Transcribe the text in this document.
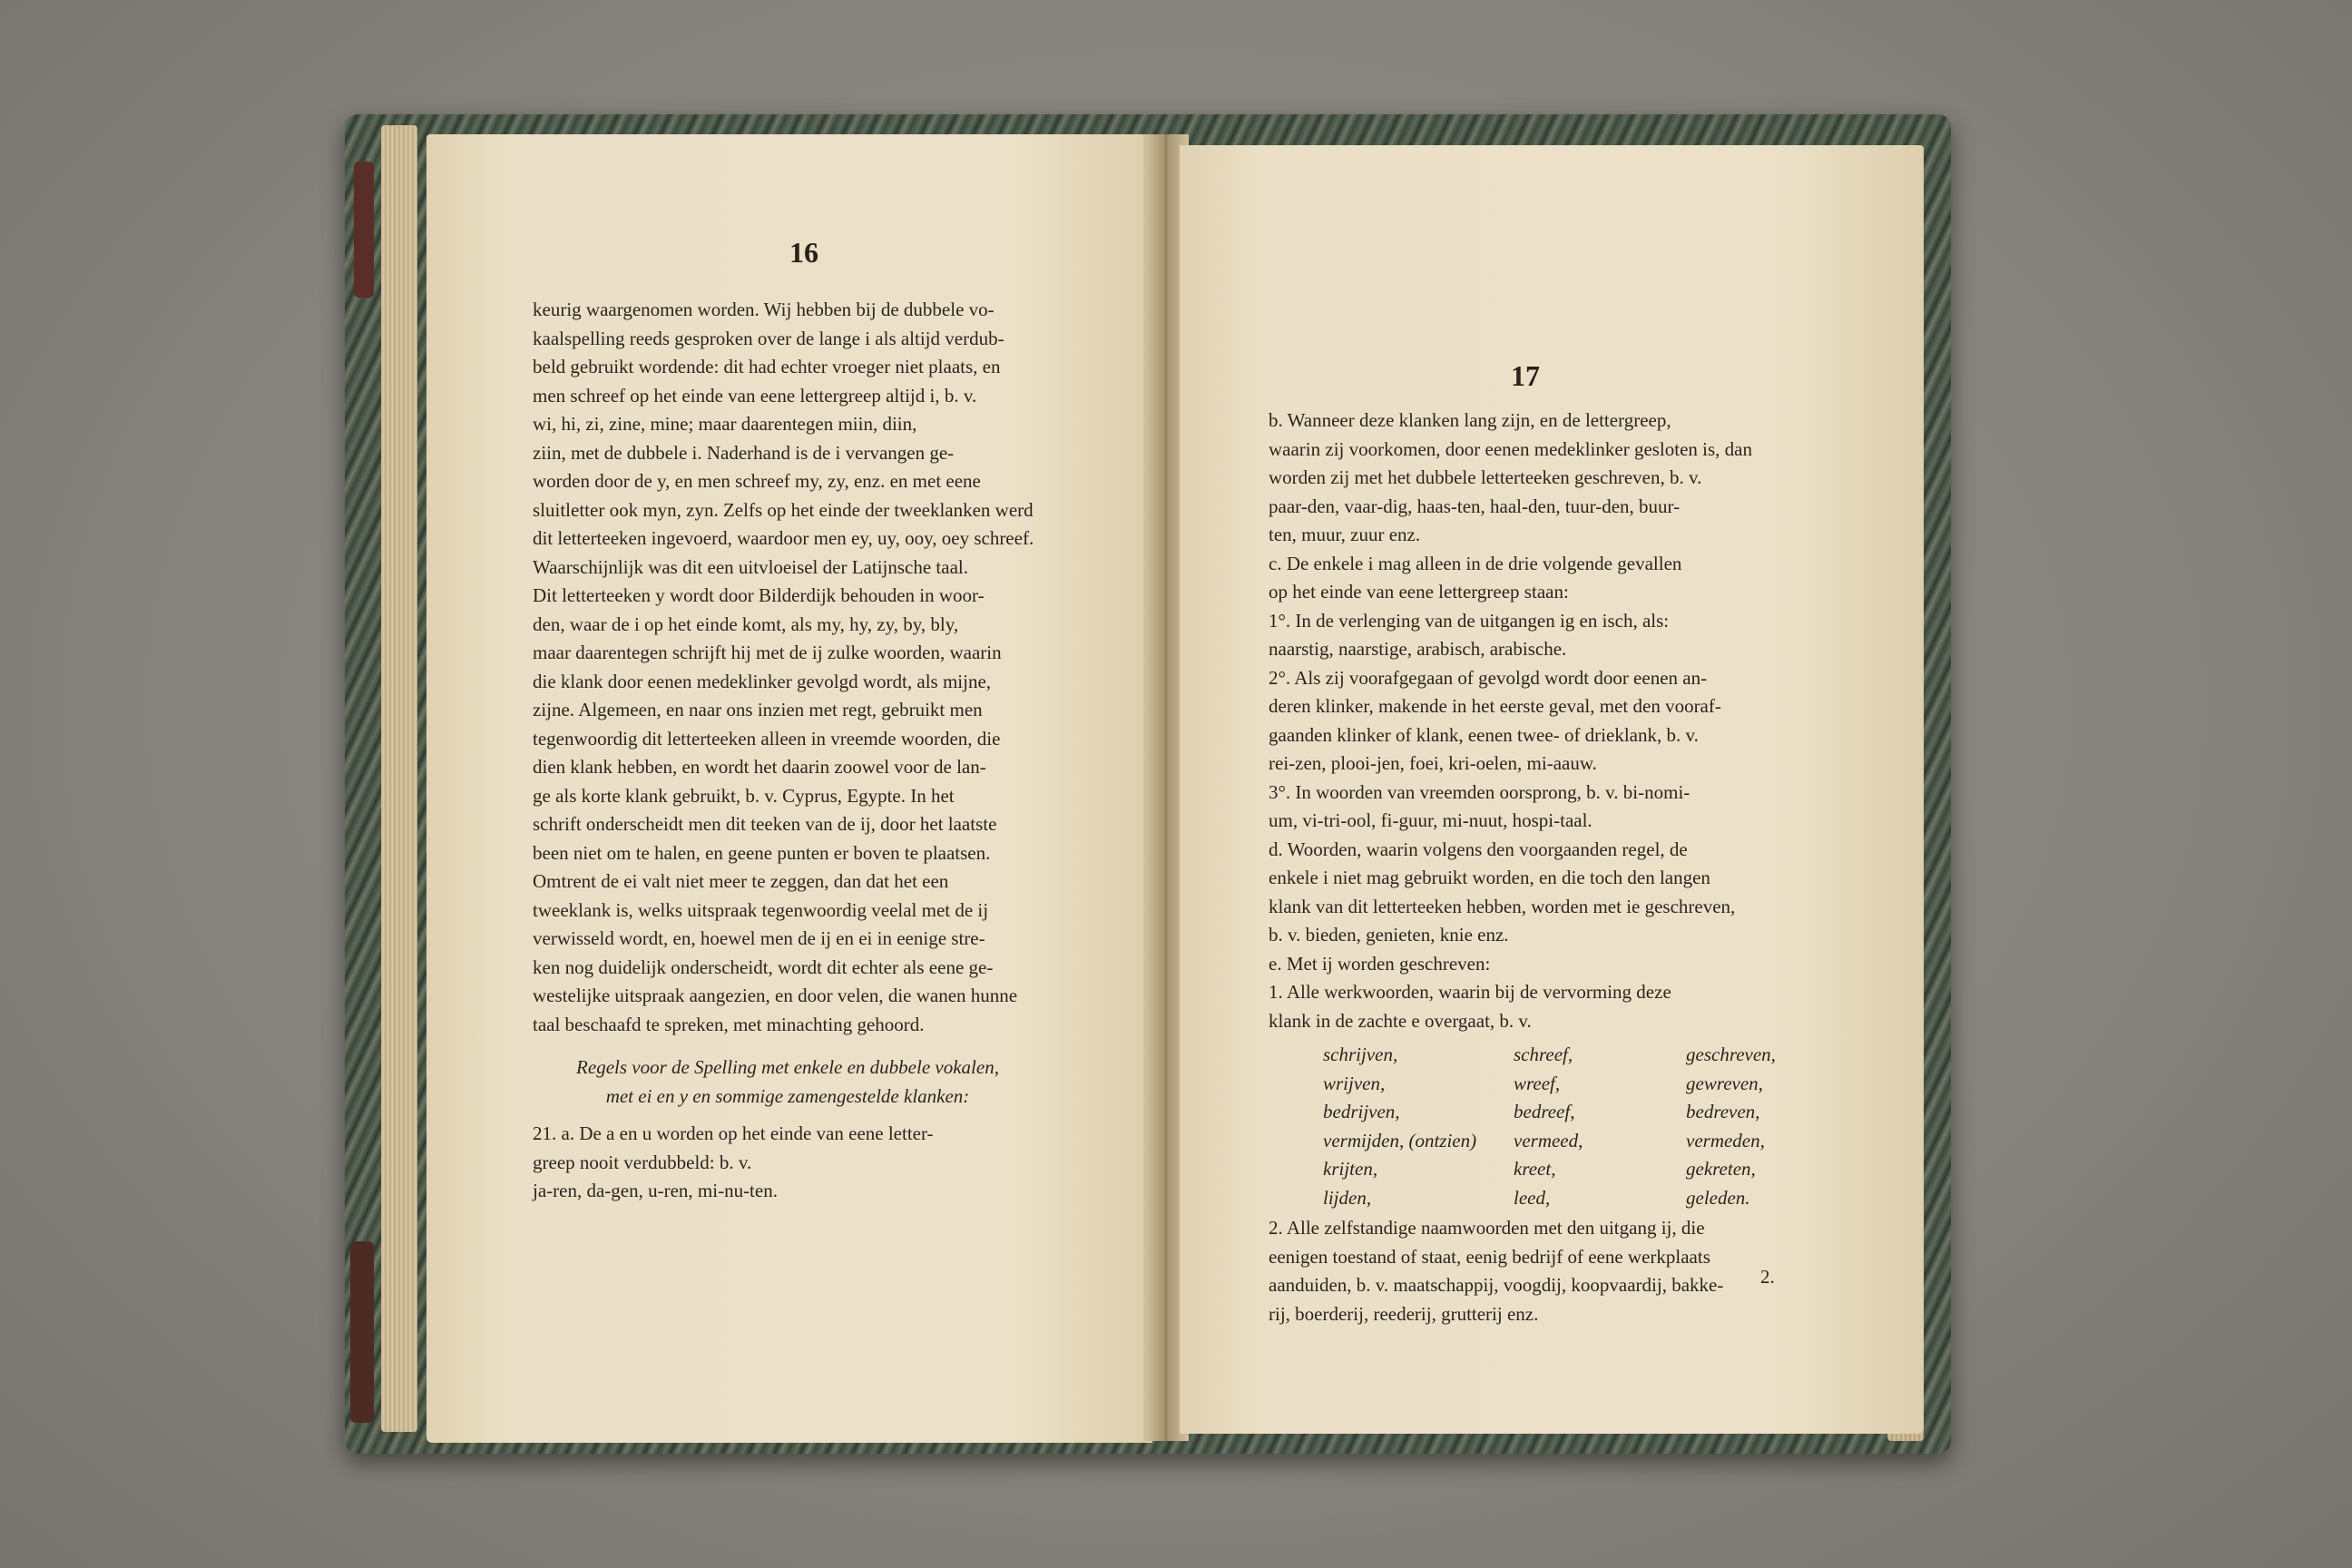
16
keurig waargenomen worden. Wij hebben bij de dubbele vo-
kaalspelling reeds gesproken over de lange i als altijd verdub-
beld gebruikt wordende: dit had echter vroeger niet plaats, en
men schreef op het einde van eene lettergreep altijd i, b. v.
wi, hi, zi, zine, mine; maar daarentegen miin, diin,
ziin, met de dubbele i. Naderhand is de i vervangen ge-
worden door de y, en men schreef my, zy, enz. en met eene
sluitletter ook myn, zyn. Zelfs op het einde der tweeklanken werd
dit letterteeken ingevoerd, waardoor men ey, uy, ooy, oey schreef.
Waarschijnlijk was dit een uitvloeisel der Latijnsche taal.
Dit letterteeken y wordt door Bilderdijk behouden in woor-
den, waar de i op het einde komt, als my, hy, zy, by, bly,
maar daarentegen schrijft hij met de ij zulke woorden, waarin
die klank door eenen medeklinker gevolgd wordt, als mijne,
zijne. Algemeen, en naar ons inzien met regt, gebruikt men
tegenwoordig dit letterteeken alleen in vreemde woorden, die
dien klank hebben, en wordt het daarin zoowel voor de lan-
ge als korte klank gebruikt, b. v. Cyprus, Egypte. In het
schrift onderscheidt men dit teeken van de ij, door het laatste
been niet om te halen, en geene punten er boven te plaatsen.
Omtrent de ei valt niet meer te zeggen, dan dat het een
tweeklank is, welks uitspraak tegenwoordig veelal met de ij
verwisseld wordt, en, hoewel men de ij en ei in eenige stre-
ken nog duidelijk onderscheidt, wordt dit echter als eene ge-
westelijke uitspraak aangezien, en door velen, die wanen hunne
taal beschaafd te spreken, met minachting gehoord.
Regels voor de Spelling met enkele en dubbele vokalen,
met ei en y en sommige zamengestelde klanken:
21. a. De a en u worden op het einde van eene letter-
greep nooit verdubbeld: b. v.
ja-ren, da-gen, u-ren, mi-nu-ten.
17
b. Wanneer deze klanken lang zijn, en de lettergreep,
waarin zij voorkomen, door eenen medeklinker gesloten is, dan
worden zij met het dubbele letterteeken geschreven, b. v.
paar-den, vaar-dig, haas-ten, haal-den, tuur-den, buur-
ten, muur, zuur enz.
c. De enkele i mag alleen in de drie volgende gevallen
op het einde van eene lettergreep staan:
1°. In de verlenging van de uitgangen ig en isch, als:
naarstig, naarstige, arabisch, arabische.
2°. Als zij voorafgegaan of gevolgd wordt door eenen an-
deren klinker, makende in het eerste geval, met den vooraf-
gaanden klinker of klank, eenen twee- of drieklank, b. v.
rei-zen, plooi-jen, foei, kri-oelen, mi-aauw.
3°. In woorden van vreemden oorsprong, b. v. bi-nomi-
um, vi-tri-ool, fi-guur, mi-nuut, hospi-taal.
d. Woorden, waarin volgens den voorgaanden regel, de
enkele i niet mag gebruikt worden, en die toch den langen
klank van dit letterteeken hebben, worden met ie geschreven,
b. v. bieden, genieten, knie enz.
e. Met ij worden geschreven:
1. Alle werkwoorden, waarin bij de vervorming deze
klank in de zachte e overgaat, b. v.
schrijven,	schreef,	geschreven,
wrijven,	wreef,	gewreven,
bedrijven,	bedreef,	bedreven,
vermijden, (ontzien)	vermeed,	vermeden,
krijten,	kreet,	gekreten,
lijden,	leed,	geleden.
2. Alle zelfstandige naamwoorden met den uitgang ij, die
eenigen toestand of staat, eenig bedrijf of eene werkplaats
aanduiden, b. v. maatschappij, voogdij, koopvaardij, bakke-
rij, boerderij, reederij, grutterij enz.
2.
